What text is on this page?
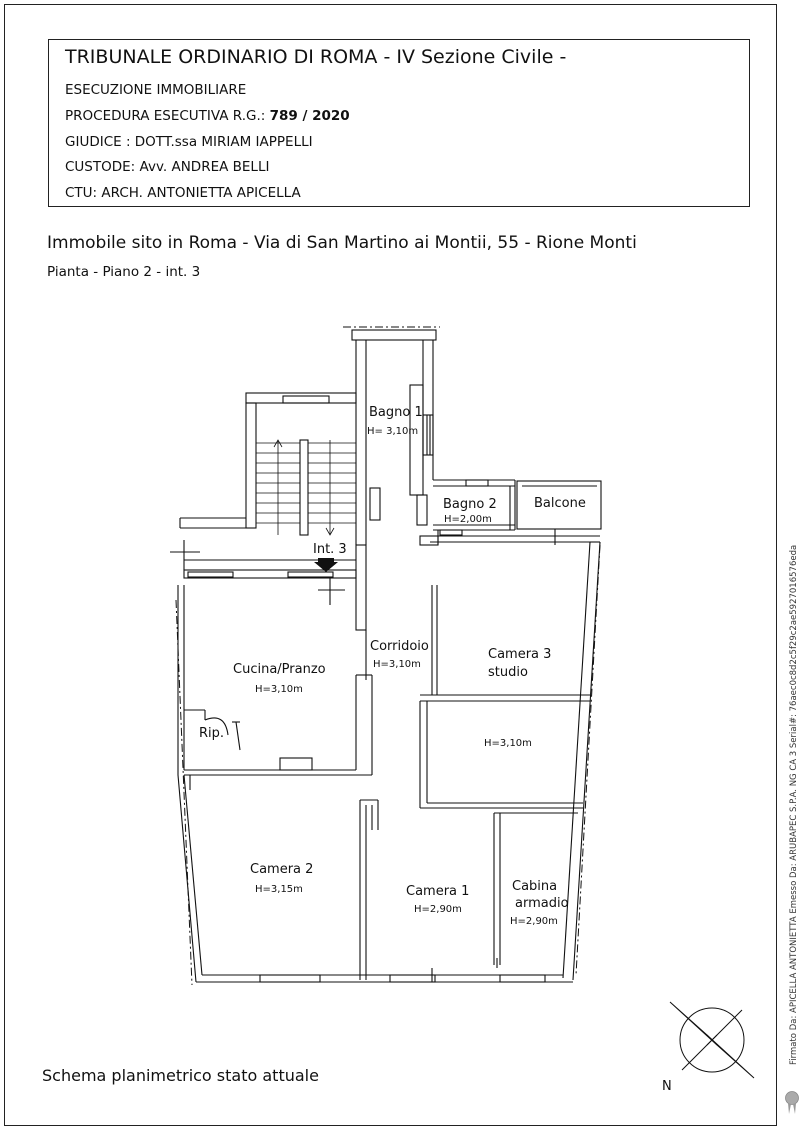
TRIBUNALE ORDINARIO DI ROMA - IV Sezione Civile -
ESECUZIONE IMMOBILIARE
PROCEDURA ESECUTIVA R.G.: 789 / 2020
GIUDICE : DOTT.ssa MIRIAM IAPPELLI
CUSTODE: Avv. ANDREA BELLI
CTU: ARCH. ANTONIETTA APICELLA
Immobile sito in Roma - Via di San Martino ai Montii, 55 - Rione Monti
Pianta - Piano 2 - int. 3
Bagno 1
H= 3,10m
Bagno 2
H=2,00m
Balcone
Int. 3
Corridoio
H=3,10m
Camera 3
studio
H=3,10m
Cucina/Pranzo
H=3,10m
Rip.
Camera 2
H=3,15m	Camera 1
H=2,90m
Cabina
armadio
H=2,90m
N
Schema planimetrico stato attuale
Firmato Da: APICELLA ANTONIETTA Emesso Da: ARUBAPEC S.P.A. NG CA 3 Serial#: 76aec0c8d2c5f29c2ae5927016576eda
